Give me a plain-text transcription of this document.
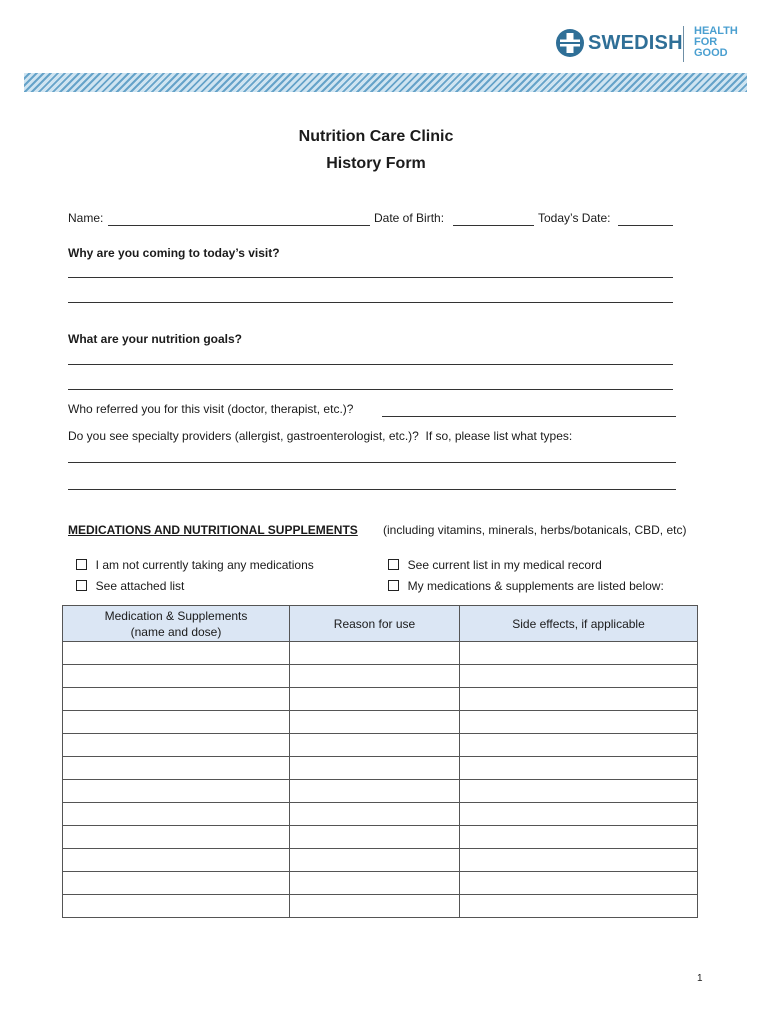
SWEDISH
HEALTH
FOR
GOOD
Nutrition Care Clinic
History Form
Name:	Date of Birth:	Today’s Date:
Why are you coming to today’s visit?
What are your nutrition goals?
Who referred you for this visit (doctor, therapist, etc.)?
Do you see specialty providers (allergist, gastroenterologist, etc.)?  If so, please list what types:
MEDICATIONS AND NUTRITIONAL SUPPLEMENTS (including vitamins, minerals, herbs/botanicals, CBD, etc)

I am not currently taking any medications	See current list in my medical record

See attached list	My medications & supplements are listed below:

Medication & Supplements
(name and dose)	Reason for use	Side effects, if applicable

1
